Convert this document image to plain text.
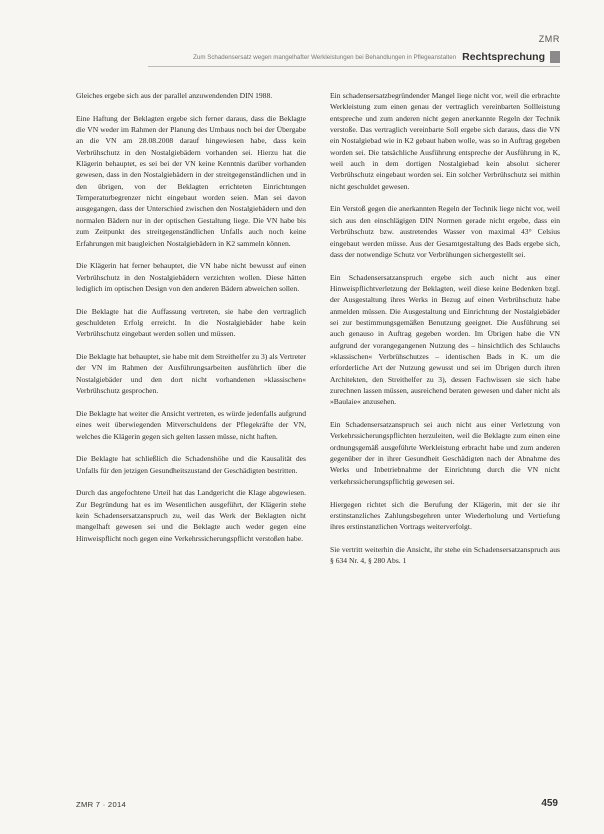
ZMR
Zum Schadensersatz wegen mangelhafter Werkleistungen bei Behandlungen in Pflegeanstalten Rechtsprechung

Gleiches ergebe sich aus der parallel anzuwendenden DIN 1988.

Eine Haftung der Beklagten ergebe sich ferner daraus, dass die Beklagte die VN weder im Rahmen der Planung des Umbaus noch bei der Übergabe an die VN am 28.08.2008 darauf hingewiesen habe, dass kein Verbrühschutz in den Nostalgiebädern vorhanden sei. Hierzu hat die Klägerin behauptet, es sei bei der VN keine Kenntnis darüber vorhanden gewesen, dass in den Nostalgiebädern in der streitgegenständlichen und in den übrigen, von der Beklagten errichteten Einrichtungen Temperaturbegrenzer nicht eingebaut worden seien. Man sei davon ausgegangen, dass der Unterschied zwischen den Nostalgiebädern und den normalen Bädern nur in der optischen Gestaltung liege. Die VN habe bis zum Zeitpunkt des streitgegenständlichen Unfalls auch noch keine Erfahrungen mit baugleichen Nostalgiebädern in K2 sammeln können.

Die Klägerin hat ferner behauptet, die VN habe nicht bewusst auf einen Verbrühschutz in den Nostalgiebädern verzichten wollen. Diese hätten lediglich im optischen Design von den anderen Bädern abweichen sollen.

Die Beklagte hat die Auffassung vertreten, sie habe den vertraglich geschuldeten Erfolg erreicht. In die Nostalgiebäder habe kein Verbrühschutz eingebaut werden sollen und müssen.

Die Beklagte hat behauptet, sie habe mit dem Streithelfer zu 3) als Vertreter der VN im Rahmen der Ausführungsarbeiten ausführlich über die Nostalgiebäder und den dort nicht vorhandenen »klassischen« Verbrühschutz gesprochen.

Die Beklagte hat weiter die Ansicht vertreten, es würde jedenfalls aufgrund eines weit überwiegenden Mitverschuldens der Pflegekräfte der VN, welches die Klägerin gegen sich gelten lassen müsse, nicht haften.

Die Beklagte hat schließlich die Schadenshöhe und die Kausalität des Unfalls für den jetzigen Gesundheitszustand der Geschädigten bestritten.

Durch das angefochtene Urteil hat das Landgericht die Klage abgewiesen. Zur Begründung hat es im Wesentlichen ausgeführt, der Klägerin stehe kein Schadensersatzanspruch zu, weil das Werk der Beklagten nicht mangelhaft gewesen sei und die Beklagte auch weder gegen eine Hinweispflicht noch gegen eine Verkehrssicherungspflicht verstoßen habe.

Ein schadensersatzbegründender Mangel liege nicht vor, weil die erbrachte Werkleistung zum einen genau der vertraglich vereinbarten Sollleistung entspreche und zum anderen nicht gegen anerkannte Regeln der Technik verstoße. Das vertraglich vereinbarte Soll ergebe sich daraus, dass die VN ein Nostalgiebad wie in K2 gebaut haben wolle, was so in Auftrag gegeben worden sei. Die tatsächliche Ausführung entspreche der Ausführung in K, weil auch in dem dortigen Nostalgiebad kein absolut sicherer Verbrühschutz eingebaut worden sei. Ein solcher Verbrühschutz sei mithin nicht geschuldet gewesen.

Ein Verstoß gegen die anerkannten Regeln der Technik liege nicht vor, weil sich aus den einschlägigen DIN Normen gerade nicht ergebe, dass ein Verbrühschutz bzw. austretendes Wasser von maximal 43° Celsius eingebaut werden müsse. Aus der Gesamtgestaltung des Bads ergebe sich, dass der notwendige Schutz vor Verbrühungen sichergestellt sei.

Ein Schadensersatzanspruch ergebe sich auch nicht aus einer Hinweispflichtverletzung der Beklagten, weil diese keine Bedenken bzgl. der Ausgestaltung ihres Werks in Bezug auf einen Verbrühschutz habe anmelden müssen. Die Ausgestaltung und Einrichtung der Nostalgiebäder sei zur bestimmungsgemäßen Benutzung geeignet. Die Ausführung sei auch genauso in Auftrag gegeben worden. Im Übrigen habe die VN aufgrund der vorangegangenen Nutzung des – hinsichtlich des Schlauchs »klassischen« Verbrühschutzes – identischen Bads in K. um die erforderliche Art der Nutzung gewusst und sei im Übrigen durch ihren Architekten, den Streithelfer zu 3), dessen Fachwissen sie sich habe zurechnen lassen müssen, ausreichend beraten gewesen und daher nicht als »Baulaie« anzusehen.

Ein Schadensersatzanspruch sei auch nicht aus einer Verletzung von Verkehrssicherungspflichten herzuleiten, weil die Beklagte zum einen eine ordnungsgemäß ausgeführte Werkleistung erbracht habe und zum anderen gegenüber der in ihrer Gesundheit Geschädigten nach der Abnahme des Werks und Inbetriebnahme der Einrichtung durch die VN nicht verkehrssicherungspflichtig gewesen sei.

Hiergegen richtet sich die Berufung der Klägerin, mit der sie ihr erstinstanzliches Zahlungsbegehren unter Wiederholung und Vertiefung ihres erstinstanzlichen Vortrags weiterverfolgt.

Sie vertritt weiterhin die Ansicht, ihr stehe ein Schadensersatzanspruch aus § 634 Nr. 4, § 280 Abs. 1

ZMR 7 · 2014	459
